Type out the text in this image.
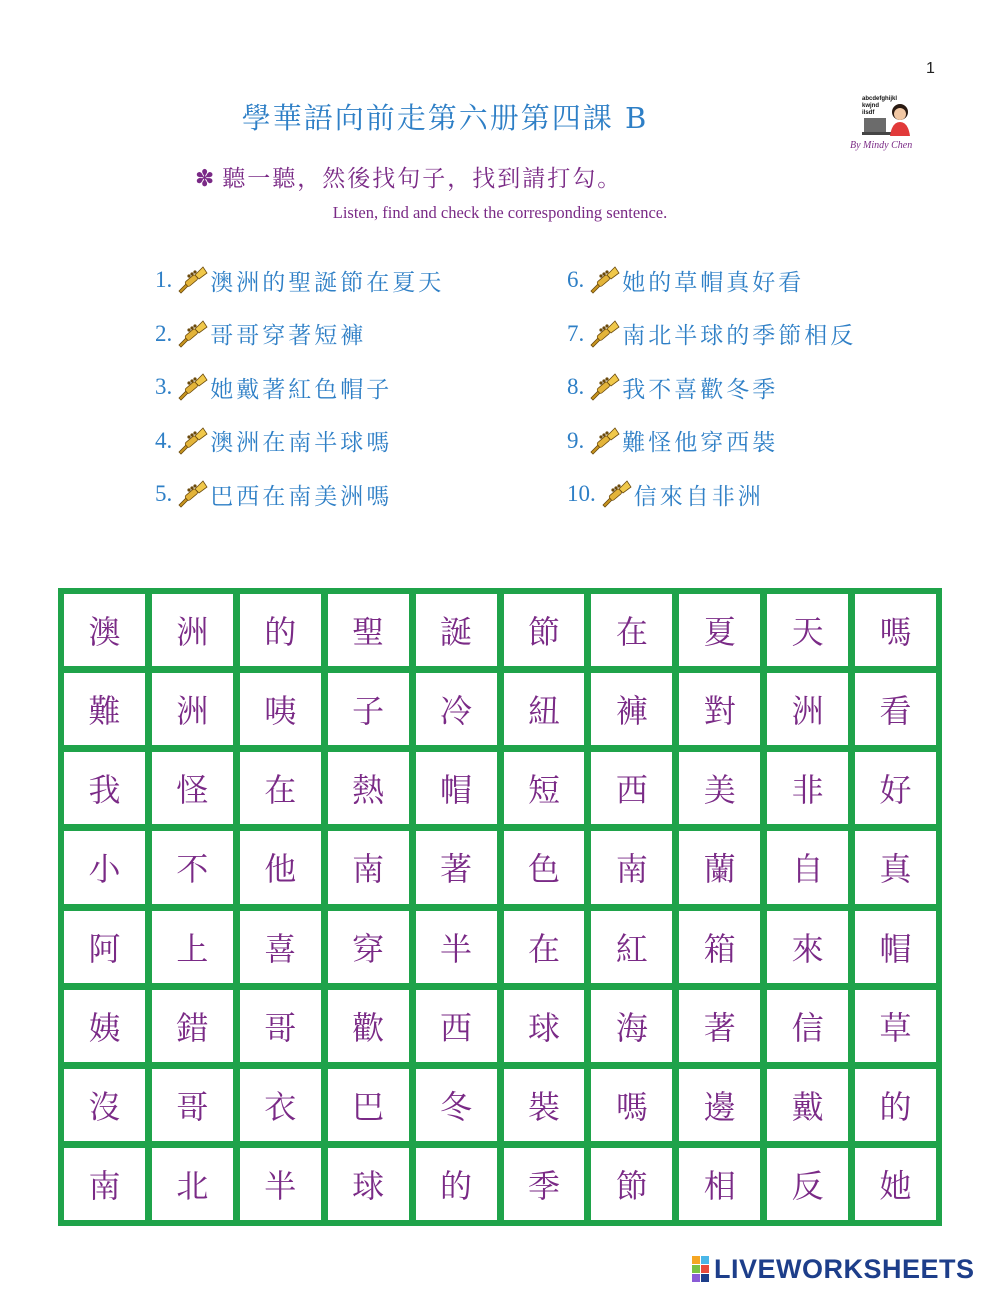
1
abcdefghijkl
kwjnd
ilsdf
By Mindy Chen
學華語向前走第六册第四課 B
✽ 聽一聽，然後找句子，找到請打勾。
Listen, find and check the corresponding sentence.
1. 澳洲的聖誕節在夏天
2. 哥哥穿著短褲
3. 她戴著紅色帽子
4. 澳洲在南半球嗎
5. 巴西在南美洲嗎
6. 她的草帽真好看
7. 南北半球的季節相反
8. 我不喜歡冬季
9. 難怪他穿西裝
10. 信來自非洲
澳	洲	的	聖	誕	節	在	夏	天	嗎
難	洲	咦	子	冷	紐	褲	對	洲	看
我	怪	在	熱	帽	短	西	美	非	好
小	不	他	南	著	色	南	蘭	自	真
阿	上	喜	穿	半	在	紅	箱	來	帽
姨	錯	哥	歡	西	球	海	著	信	草
沒	哥	衣	巴	冬	裝	嗎	邊	戴	的
南	北	半	球	的	季	節	相	反	她
LIVEWORKSHEETS
